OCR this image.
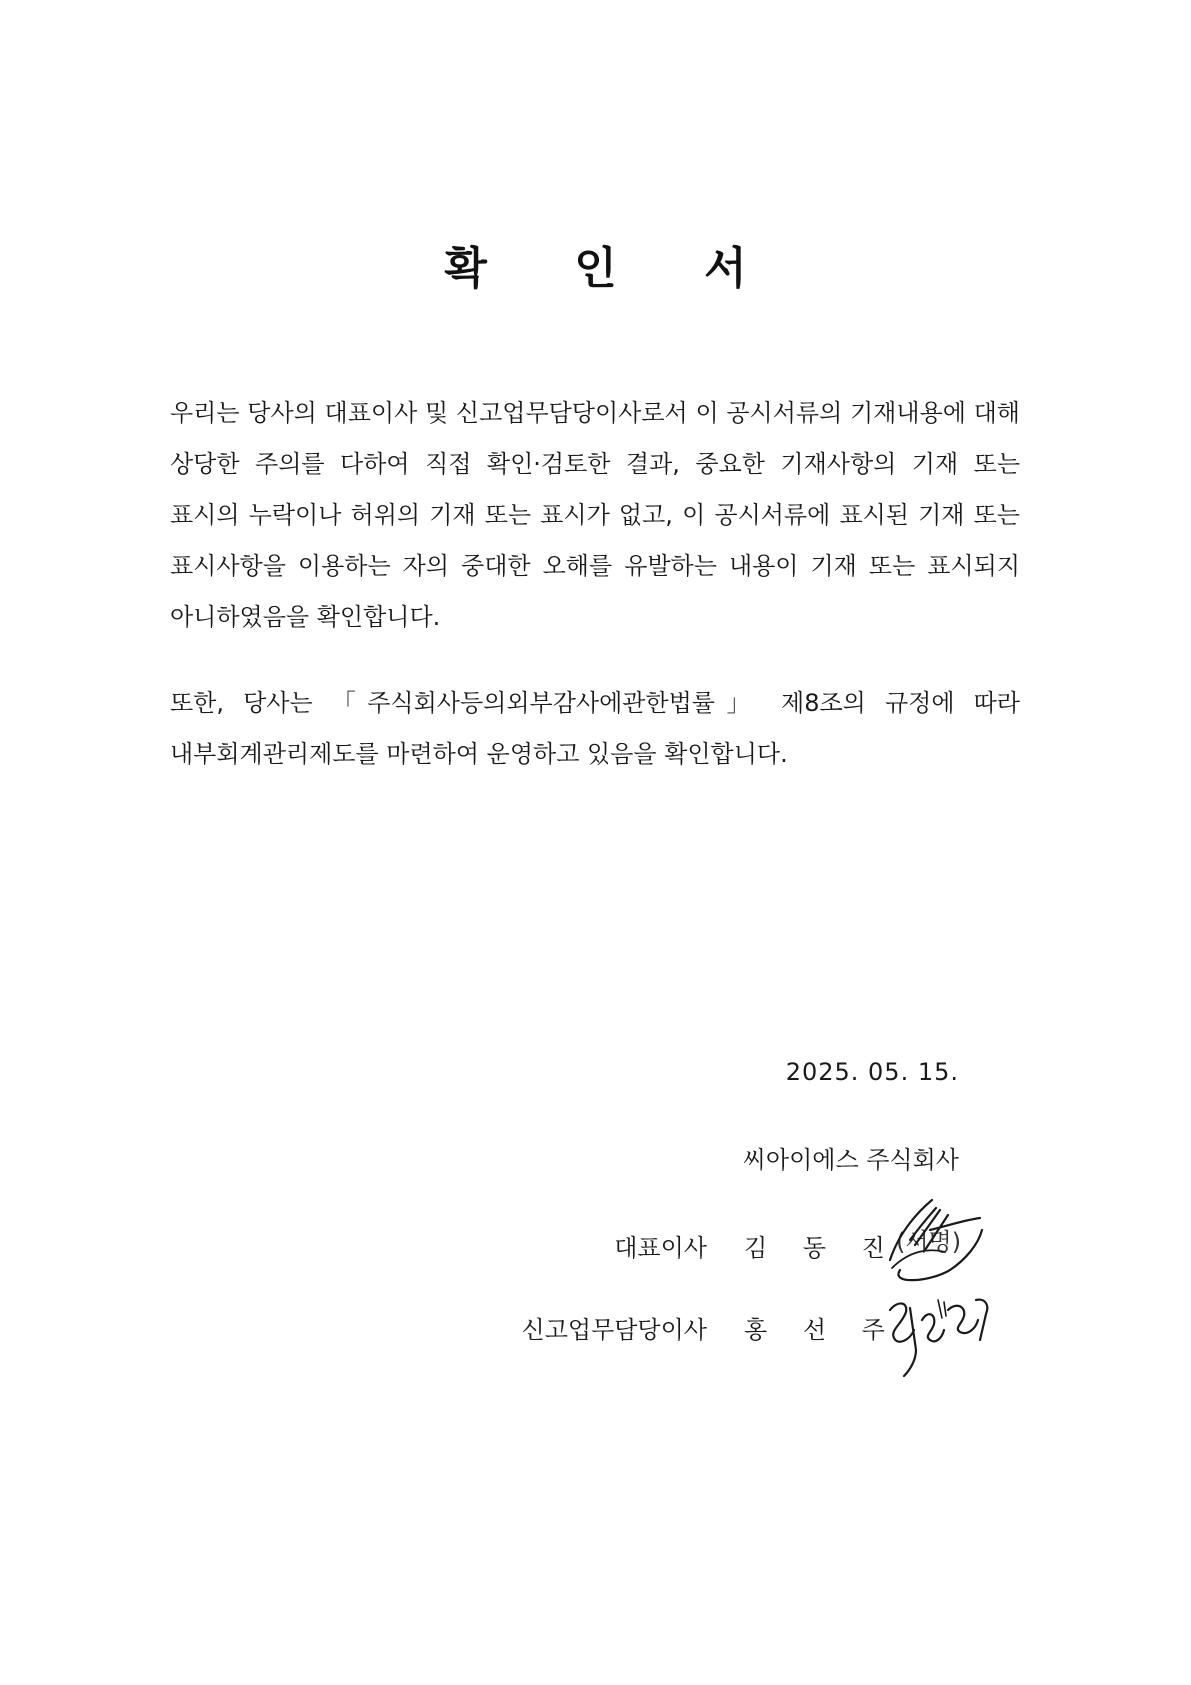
확 인 서
우리는 당사의 대표이사 및 신고업무담당이사로서 이 공시서류의 기재내용에 대해 상당한 주의를 다하여 직접 확인·검토한 결과, 중요한 기재사항의 기재 또는 표시의 누락이나 허위의 기재 또는 표시가 없고, 이 공시서류에 표시된 기재 또는 표시사항을 이용하는 자의 중대한 오해를 유발하는 내용이 기재 또는 표시되지 아니하였음을 확인합니다.
또한, 당사는 「주식회사등의외부감사에관한법률」 제8조의 규정에 따라 내부회계관리제도를 마련하여 운영하고 있음을 확인합니다.
2025. 05. 15.
씨아이에스 주식회사
대표이사 김 동 진
(서명)
신고업무담당이사 홍 선 주
